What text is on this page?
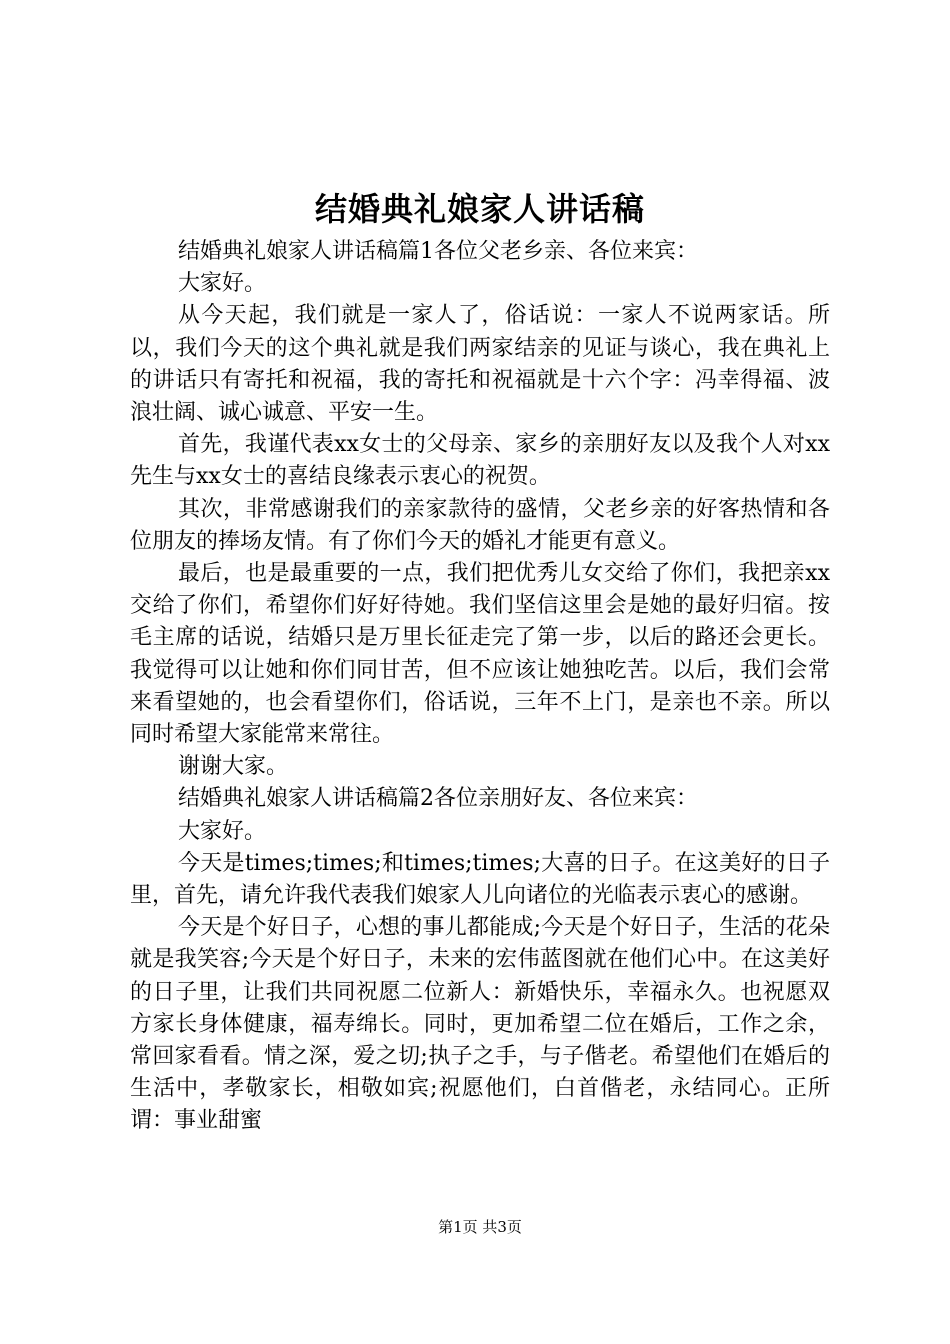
结婚典礼娘家人讲话稿

结婚典礼娘家人讲话稿篇1各位父老乡亲、各位来宾：

大家好。

从今天起，我们就是一家人了，俗话说：一家人不说两家话。所以，我们今天的这个典礼就是我们两家结亲的见证与谈心，我在典礼上的讲话只有寄托和祝福，我的寄托和祝福就是十六个字：冯幸得福、波浪壮阔、诚心诚意、平安一生。

首先，我谨代表xx女士的父母亲、家乡的亲朋好友以及我个人对xx先生与xx女士的喜结良缘表示衷心的祝贺。

其次，非常感谢我们的亲家款待的盛情，父老乡亲的好客热情和各位朋友的捧场友情。有了你们今天的婚礼才能更有意义。

最后，也是最重要的一点，我们把优秀儿女交给了你们，我把亲xx交给了你们，希望你们好好待她。我们坚信这里会是她的最好归宿。按毛主席的话说，结婚只是万里长征走完了第一步，以后的路还会更长。我觉得可以让她和你们同甘苦，但不应该让她独吃苦。以后，我们会常来看望她的，也会看望你们，俗话说，三年不上门，是亲也不亲。所以同时希望大家能常来常往。

谢谢大家。

结婚典礼娘家人讲话稿篇2各位亲朋好友、各位来宾：

大家好。

今天是times;times;和times;times;大喜的日子。在这美好的日子里，首先，请允许我代表我们娘家人儿向诸位的光临表示衷心的感谢。

今天是个好日子，心想的事儿都能成;今天是个好日子，生活的花朵就是我笑容;今天是个好日子，未来的宏伟蓝图就在他们心中。在这美好的日子里，让我们共同祝愿二位新人：新婚快乐，幸福永久。也祝愿双方家长身体健康，福寿绵长。同时，更加希望二位在婚后，工作之余，常回家看看。情之深，爱之切;执子之手，与子偕老。希望他们在婚后的生活中，孝敬家长，相敬如宾;祝愿他们，白首偕老，永结同心。正所谓：事业甜蜜

第1页 共3页
